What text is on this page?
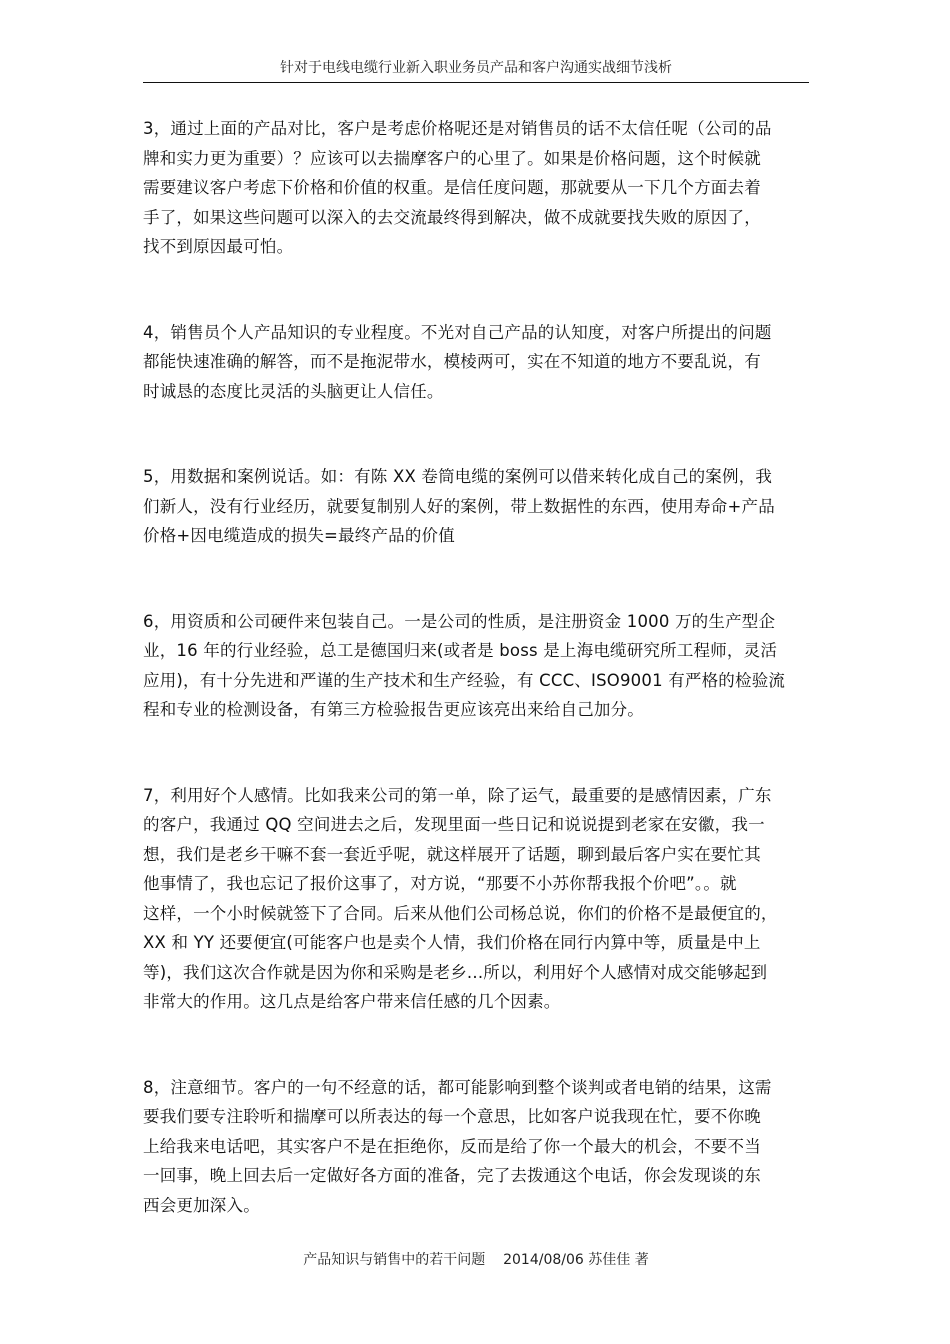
针对于电线电缆行业新入职业务员产品和客户沟通实战细节浅析

3，通过上面的产品对比，客户是考虑价格呢还是对销售员的话不太信任呢（公司的品
牌和实力更为重要）？应该可以去揣摩客户的心里了。如果是价格问题，这个时候就
需要建议客户考虑下价格和价值的权重。是信任度问题，那就要从一下几个方面去着
手了，如果这些问题可以深入的去交流最终得到解决，做不成就要找失败的原因了，
找不到原因最可怕。

4，销售员个人产品知识的专业程度。不光对自己产品的认知度，对客户所提出的问题
都能快速准确的解答，而不是拖泥带水，模棱两可，实在不知道的地方不要乱说，有
时诚恳的态度比灵活的头脑更让人信任。

5，用数据和案例说话。如：有陈 XX 卷筒电缆的案例可以借来转化成自己的案例，我
们新人，没有行业经历，就要复制别人好的案例，带上数据性的东西，使用寿命+产品
价格+因电缆造成的损失=最终产品的价值

6，用资质和公司硬件来包装自己。一是公司的性质，是注册资金 1000 万的生产型企
业，16 年的行业经验，总工是德国归来(或者是 boss 是上海电缆研究所工程师，灵活
应用)，有十分先进和严谨的生产技术和生产经验，有 CCC、ISO9001 有严格的检验流
程和专业的检测设备，有第三方检验报告更应该亮出来给自己加分。

7，利用好个人感情。比如我来公司的第一单，除了运气，最重要的是感情因素，广东
的客户，我通过 QQ 空间进去之后，发现里面一些日记和说说提到老家在安徽，我一
想，我们是老乡干嘛不套一套近乎呢，就这样展开了话题，聊到最后客户实在要忙其
他事情了，我也忘记了报价这事了，对方说，“那要不小苏你帮我报个价吧”。。就
这样，一个小时候就签下了合同。后来从他们公司杨总说，你们的价格不是最便宜的，
XX 和 YY 还要便宜(可能客户也是卖个人情，我们价格在同行内算中等，质量是中上
等)，我们这次合作就是因为你和采购是老乡...所以，利用好个人感情对成交能够起到
非常大的作用。这几点是给客户带来信任感的几个因素。

8，注意细节。客户的一句不经意的话，都可能影响到整个谈判或者电销的结果，这需
要我们要专注聆听和揣摩可以所表达的每一个意思，比如客户说我现在忙，要不你晚
上给我来电话吧，其实客户不是在拒绝你，反而是给了你一个最大的机会，不要不当
一回事，晚上回去后一定做好各方面的准备，完了去拨通这个电话，你会发现谈的东
西会更加深入。

产品知识与销售中的若干问题    2014/08/06 苏佳佳 著
